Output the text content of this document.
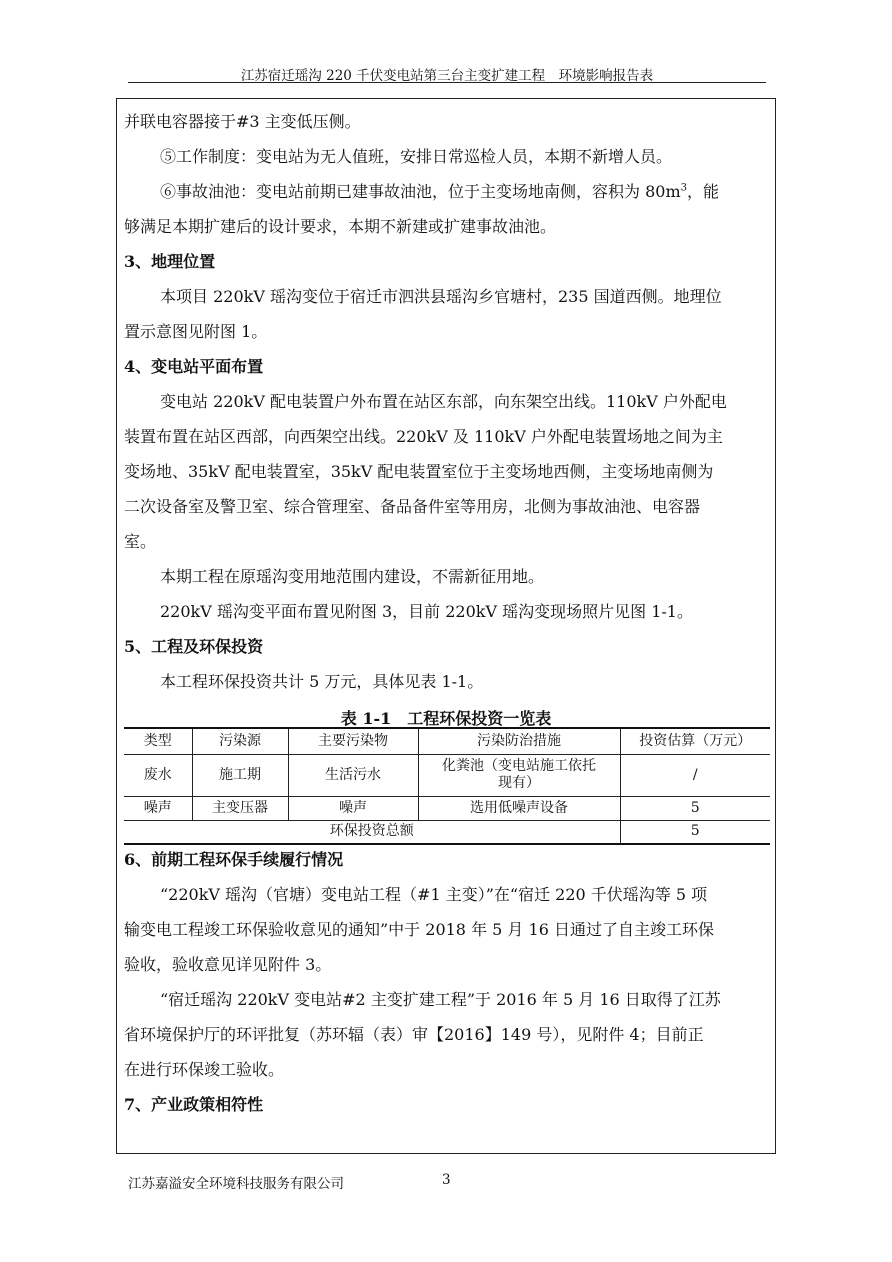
江苏宿迁瑶沟 220 千伏变电站第三台主变扩建工程　环境影响报告表
并联电容器接于#3 主变低压侧。
⑤工作制度：变电站为无人值班，安排日常巡检人员，本期不新增人员。
⑥事故油池：变电站前期已建事故油池，位于主变场地南侧，容积为 $80m^3$，能
够满足本期扩建后的设计要求，本期不新建或扩建事故油池。
3、地理位置
本项目 220kV 瑶沟变位于宿迁市泗洪县瑶沟乡官塘村，235 国道西侧。地理位
置示意图见附图 1。
4、变电站平面布置
变电站 220kV 配电装置户外布置在站区东部，向东架空出线。110kV 户外配电
装置布置在站区西部，向西架空出线。220kV 及 110kV 户外配电装置场地之间为主
变场地、35kV 配电装置室，35kV 配电装置室位于主变场地西侧，主变场地南侧为
二次设备室及警卫室、综合管理室、备品备件室等用房，北侧为事故油池、电容器
室。
本期工程在原瑶沟变用地范围内建设，不需新征用地。
220kV 瑶沟变平面布置见附图 3，目前 220kV 瑶沟变现场照片见图 1-1。
5、工程及环保投资
本工程环保投资共计 5 万元，具体见表 1-1。
表 1-1　工程环保投资一览表
类型	污染源	主要污染物	污染防治措施	投资估算（万元）
废水	施工期	生活污水	化粪池（变电站施工依托现有）	/
噪声	主变压器	噪声	选用低噪声设备	5
环保投资总额				5
6、前期工程环保手续履行情况
“220kV 瑶沟（官塘）变电站工程（#1 主变）”在“宿迁 220 千伏瑶沟等 5 项
输变电工程竣工环保验收意见的通知”中于 2018 年 5 月 16 日通过了自主竣工环保
验收，验收意见详见附件 3。
“宿迁瑶沟 220kV 变电站#2 主变扩建工程”于 2016 年 5 月 16 日取得了江苏
省环境保护厅的环评批复（苏环辐（表）审【2016】149 号），见附件 4；目前正
在进行环保竣工验收。
7、产业政策相符性
江苏嘉溢安全环境科技服务有限公司	3
